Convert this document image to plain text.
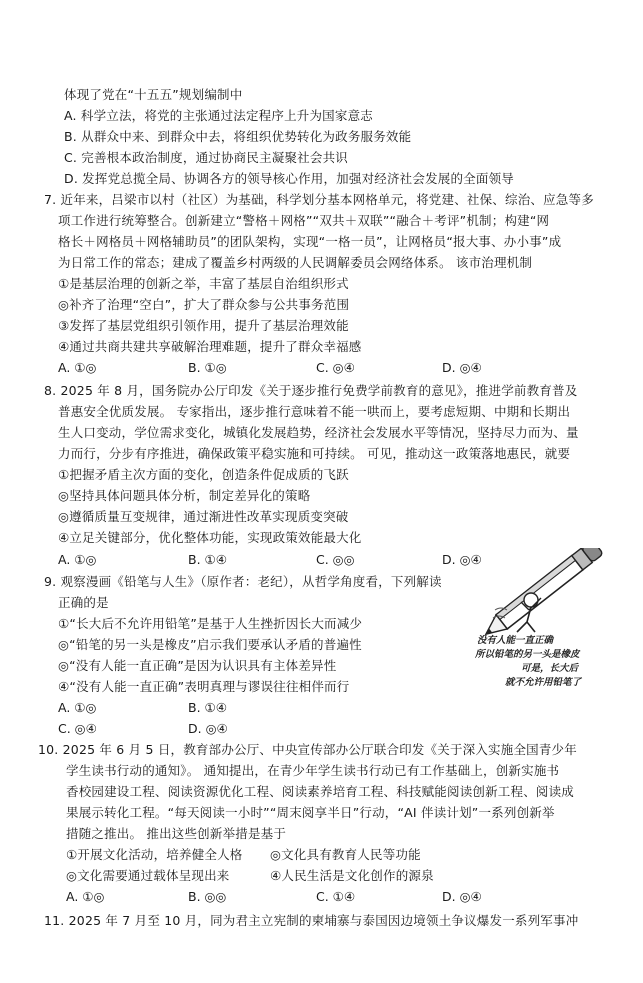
体现了党在“十五五”规划编制中
A. 科学立法，将党的主张通过法定程序上升为国家意志
B. 从群众中来、到群众中去，将组织优势转化为政务服务效能
C. 完善根本政治制度，通过协商民主凝聚社会共识
D. 发挥党总揽全局、协调各方的领导核心作用，加强对经济社会发展的全面领导
7. 近年来，吕梁市以村（社区）为基础，科学划分基本网格单元，将党建、社保、综治、应急等多
项工作进行统筹整合。创新建立“警格＋网格”“双共＋双联”“融合＋考评”机制；构建“网
格长＋网格员＋网格辅助员”的团队架构，实现“一格一员”，让网格员“报大事、办小事”成
为日常工作的常态；建成了覆盖乡村两级的人民调解委员会网络体系。 该市治理机制
①是基层治理的创新之举，丰富了基层自治组织形式
◎补齐了治理“空白”，扩大了群众参与公共事务范围
③发挥了基层党组织引领作用，提升了基层治理效能
④通过共商共建共享破解治理难题，提升了群众幸福感
A. ①◎	B. ①◎	C. ◎④	D. ◎④
8. 2025 年 8 月，国务院办公厅印发《关于逐步推行免费学前教育的意见》，推进学前教育普及
普惠安全优质发展。 专家指出，逐步推行意味着不能一哄而上，要考虑短期、中期和长期出
生人口变动，学位需求变化，城镇化发展趋势，经济社会发展水平等情况，坚持尽力而为、量
力而行，分步有序推进，确保政策平稳实施和可持续。 可见，推动这一政策落地惠民，就要
①把握矛盾主次方面的变化，创造条件促成质的飞跃
◎坚持具体问题具体分析，制定差异化的策略
◎遵循质量互变规律，通过渐进性改革实现质变突破
④立足关键部分，优化整体功能，实现政策效能最大化
A. ①◎	B. ①④	C. ◎◎	D. ◎④
9. 观察漫画《铅笔与人生》（原作者：老纪），从哲学角度看，下列解读
正确的是
①“长大后不允许用铅笔”是基于人生挫折因长大而减少
◎“铅笔的另一头是橡皮”启示我们要承认矛盾的普遍性
◎“没有人能一直正确”是因为认识具有主体差异性
④“没有人能一直正确”表明真理与谬误往往相伴而行
A. ①◎	B. ①④
C. ◎④	D. ◎④
没有人能一直正确
所以铅笔的另一头是橡皮
可是，长大后
就不允许用铅笔了
10. 2025 年 6 月 5 日，教育部办公厅、中央宣传部办公厅联合印发《关于深入实施全国青少年
学生读书行动的通知》。 通知提出，在青少年学生读书行动已有工作基础上，创新实施书
香校园建设工程、阅读资源优化工程、阅读素养培育工程、科技赋能阅读创新工程、阅读成
果展示转化工程。“每天阅读一小时”“周末阅享半日”行动，“AI 伴读计划”一系列创新举
措随之推出。 推出这些创新举措是基于
①开展文化活动，培养健全人格 ◎文化具有教育人民等功能
◎文化需要通过载体呈现出来	④人民生活是文化创作的源泉
A. ①◎	B. ◎◎	C. ①④	D. ◎④
11. 2025 年 7 月至 10 月，同为君主立宪制的柬埔寨与泰国因边境领土争议爆发一系列军事冲
